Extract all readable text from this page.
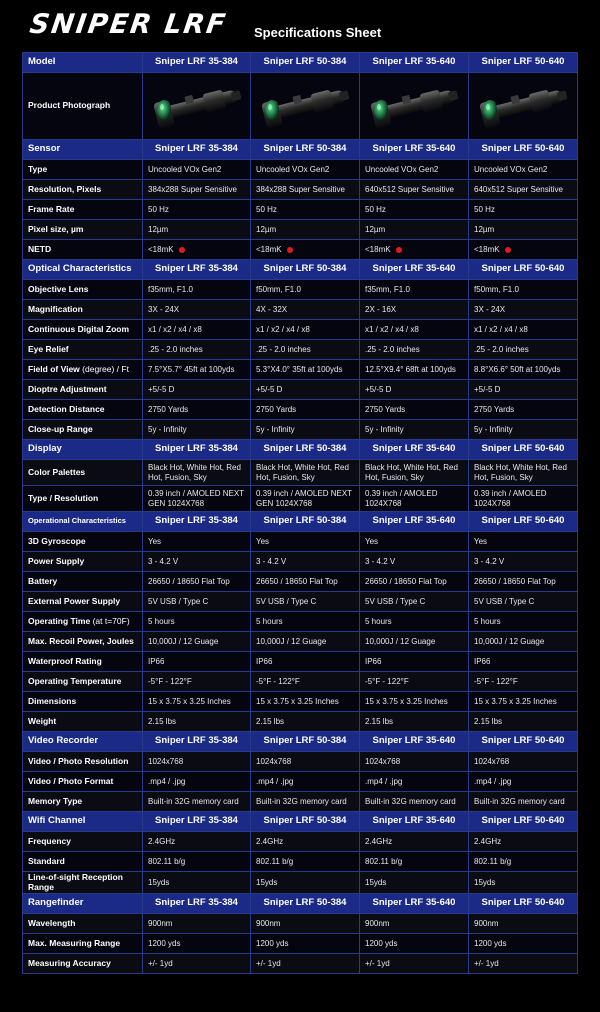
SNIPER LRF Specifications Sheet
Model	Sniper LRF 35-384	Sniper LRF 50-384	Sniper LRF 35-640	Sniper LRF 50-640
Product Photograph	

Sensor	Sniper LRF 35-384	Sniper LRF 50-384	Sniper LRF 35-640	Sniper LRF 50-640
Type	Uncooled VOx Gen2	Uncooled VOx Gen2	Uncooled VOx Gen2	Uncooled VOx Gen2
Resolution, Pixels	384x288 Super Sensitive	384x288 Super Sensitive	640x512 Super Sensitive	640x512 Super Sensitive
Frame Rate	50 Hz	50 Hz	50 Hz	50 Hz
Pixel size, µm	12µm	12µm	12µm	12µm
NETD	<18mK	<18mK	<18mK	<18mK
Optical Characteristics	Sniper LRF 35-384	Sniper LRF 50-384	Sniper LRF 35-640	Sniper LRF 50-640
Objective Lens	f35mm, F1.0	f50mm, F1.0	f35mm, F1.0	f50mm, F1.0
Magnification	3X - 24X	4X - 32X	2X - 16X	3X - 24X
Continuous Digital Zoom	x1 / x2 / x4 / x8	x1 / x2 / x4 / x8	x1 / x2 / x4 / x8	x1 / x2 / x4 / x8
Eye Relief	.25 - 2.0 inches	.25 - 2.0 inches	.25 - 2.0 inches	.25 - 2.0 inches
Field of View (degree) / Ft	7.5°X5.7° 45ft at 100yds	5.3°X4.0° 35ft at 100yds	12.5°X9.4° 68ft at 100yds	8.8°X6.6° 50ft at 100yds
Dioptre Adjustment	+5/-5 D	+5/-5 D	+5/-5 D	+5/-5 D
Detection Distance	2750 Yards	2750 Yards	2750 Yards	2750 Yards
Close-up Range	5y - Infinity	5y - Infinity	5y - Infinity	5y - Infinity
Display	Sniper LRF 35-384	Sniper LRF 50-384	Sniper LRF 35-640	Sniper LRF 50-640
Color Palettes	Black Hot, White Hot, Red Hot, Fusion, Sky	Black Hot, White Hot, Red Hot, Fusion, Sky	Black Hot, White Hot, Red Hot, Fusion, Sky	Black Hot, White Hot, Red Hot, Fusion, Sky
Type / Resolution	0.39 inch / AMOLED NEXT GEN 1024X768	0.39 inch / AMOLED NEXT GEN 1024X768	0.39 inch / AMOLED 1024X768	0.39 inch / AMOLED 1024X768
Operational Characteristics	Sniper LRF 35-384	Sniper LRF 50-384	Sniper LRF 35-640	Sniper LRF 50-640
3D Gyroscope	Yes	Yes	Yes	Yes
Power Supply	3 - 4.2 V	3 - 4.2 V	3 - 4.2 V	3 - 4.2 V
Battery	26650 / 18650 Flat Top	26650 / 18650 Flat Top	26650 / 18650 Flat Top	26650 / 18650 Flat Top
External Power Supply	5V USB / Type C	5V USB / Type C	5V USB / Type C	5V USB / Type C
Operating Time (at t=70F)	5 hours	5 hours	5 hours	5 hours
Max. Recoil Power, Joules	10,000J / 12 Guage	10,000J / 12 Guage	10,000J / 12 Guage	10,000J / 12 Guage
Waterproof Rating	IP66	IP66	IP66	IP66
Operating Temperature	-5°F - 122°F	-5°F - 122°F	-5°F - 122°F	-5°F - 122°F
Dimensions	15 x 3.75 x 3.25 Inches	15 x 3.75 x 3.25 Inches	15 x 3.75 x 3.25 Inches	15 x 3.75 x 3.25 Inches
Weight	2.15 lbs	2.15 lbs	2.15 lbs	2.15 lbs
Video Recorder	Sniper LRF 35-384	Sniper LRF 50-384	Sniper LRF 35-640	Sniper LRF 50-640
Video / Photo Resolution	1024x768	1024x768	1024x768	1024x768
Video / Photo Format	.mp4 / .jpg	.mp4 / .jpg	.mp4 / .jpg	.mp4 / .jpg
Memory Type	Built-in 32G memory card	Built-in 32G memory card	Built-in 32G memory card	Built-in 32G memory card
Wifi Channel	Sniper LRF 35-384	Sniper LRF 50-384	Sniper LRF 35-640	Sniper LRF 50-640
Frequency	2.4GHz	2.4GHz	2.4GHz	2.4GHz
Standard	802.11 b/g	802.11 b/g	802.11 b/g	802.11 b/g
Line-of-sight Reception Range	15yds	15yds	15yds	15yds
Rangefinder	Sniper LRF 35-384	Sniper LRF 50-384	Sniper LRF 35-640	Sniper LRF 50-640
Wavelength	900nm	900nm	900nm	900nm
Max. Measuring Range	1200 yds	1200 yds	1200 yds	1200 yds
Measuring Accuracy	+/- 1yd	+/- 1yd	+/- 1yd	+/- 1yd
